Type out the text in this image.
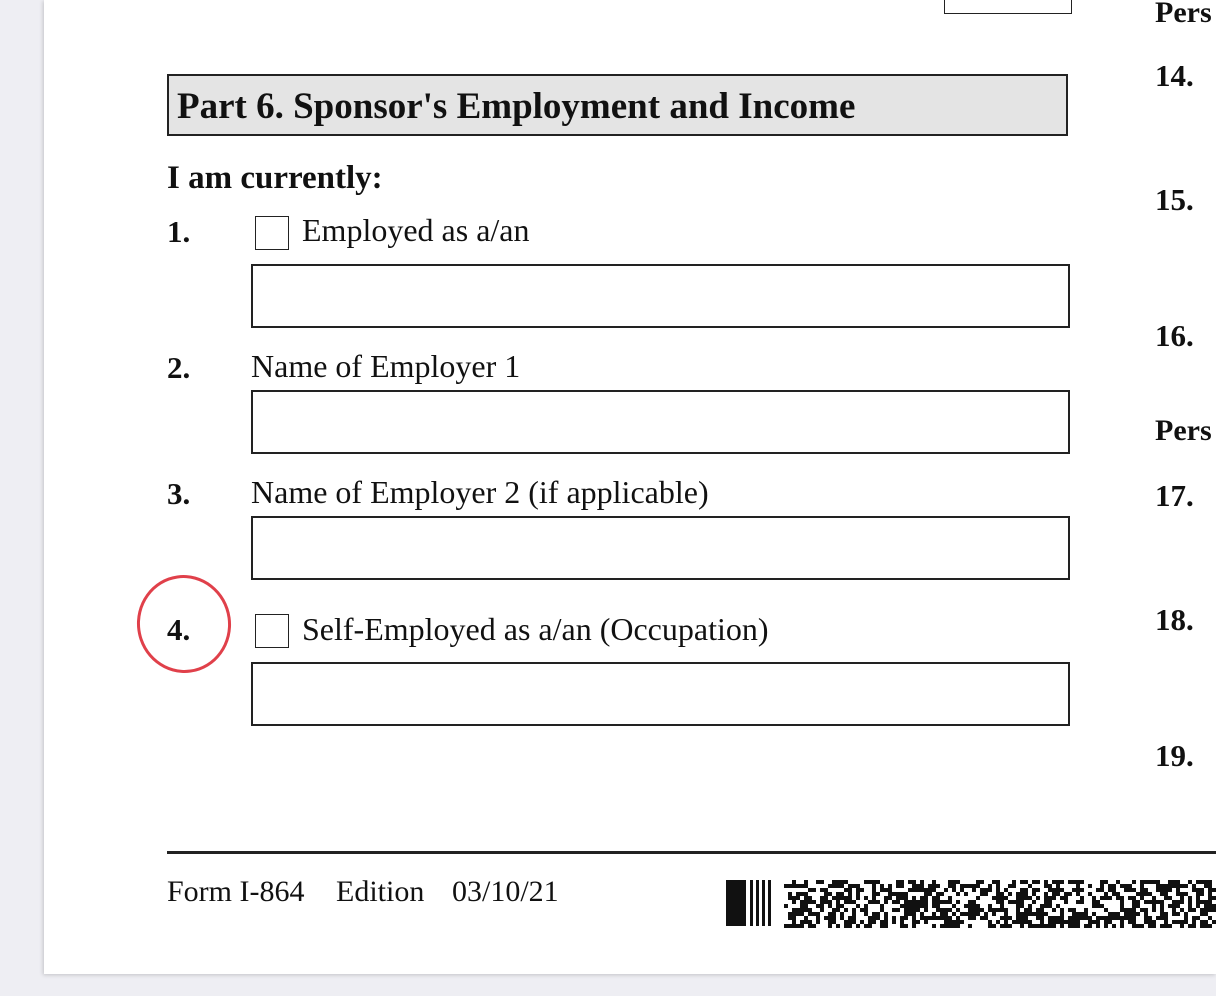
Part 6. Sponsor's Employment and Income
I am currently:
1.	Employed as a/an
2. Name of Employer 1
3. Name of Employer 2 (if applicable)
4.	Self-Employed as a/an (Occupation)
Pers
14.
15.
16.
Pers
17.
18.
19.
Form I-864 Edition 03/10/21
